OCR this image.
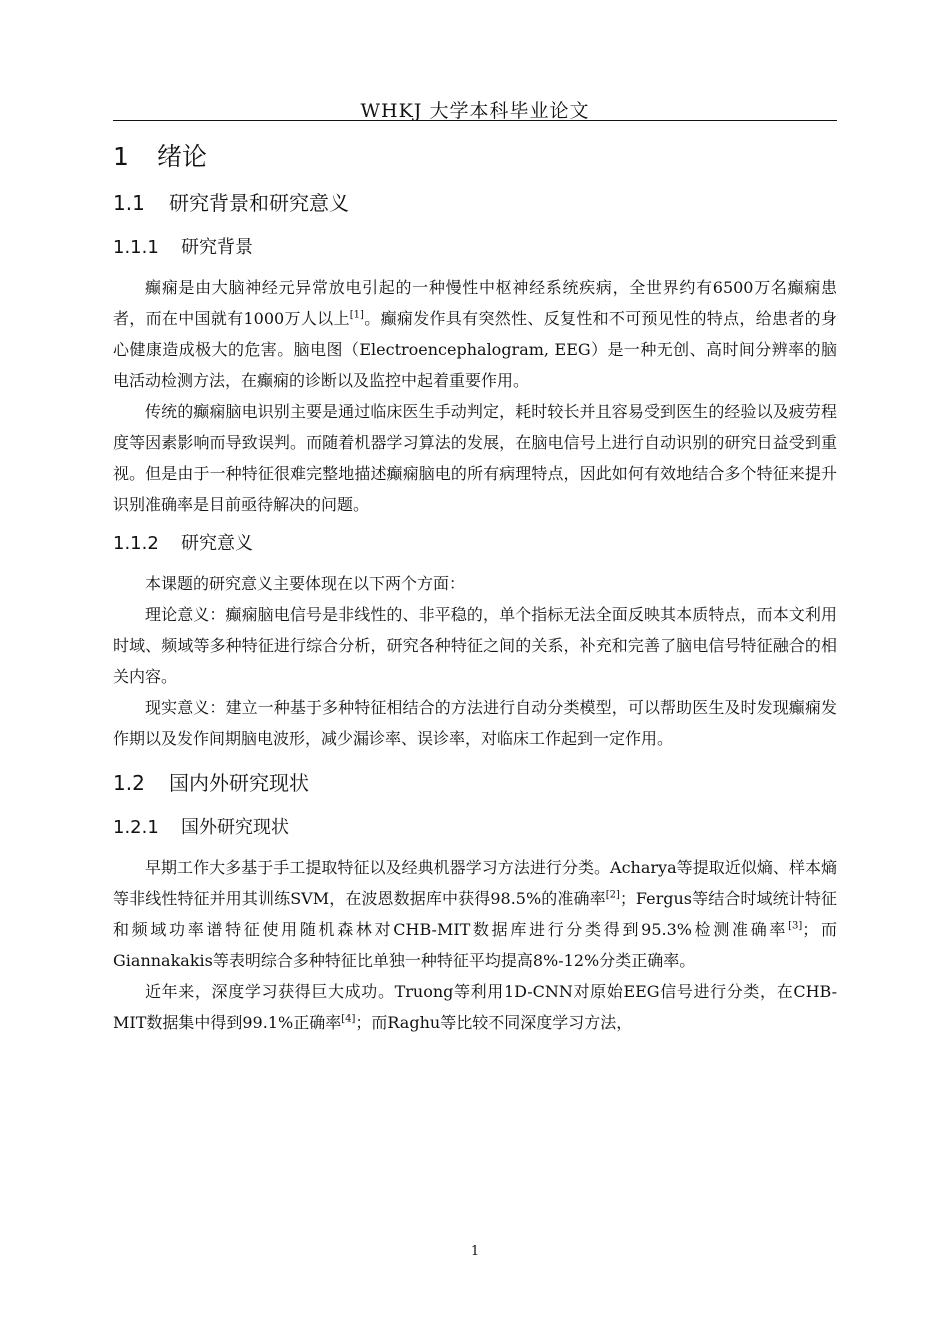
WHKJ 大学本科毕业论文
1 绪论
1.1 研究背景和研究意义
1.1.1 研究背景

癫痫是由大脑神经元异常放电引起的一种慢性中枢神经系统疾病，全世界约有6500万名癫痫患者，而在中国就有1000万人以上[1]。癫痫发作具有突然性、反复性和不可预见性的特点，给患者的身心健康造成极大的危害。脑电图（Electroencephalogram, EEG）是一种无创、高时间分辨率的脑电活动检测方法，在癫痫的诊断以及监控中起着重要作用。

传统的癫痫脑电识别主要是通过临床医生手动判定，耗时较长并且容易受到医生的经验以及疲劳程度等因素影响而导致误判。而随着机器学习算法的发展，在脑电信号上进行自动识别的研究日益受到重视。但是由于一种特征很难完整地描述癫痫脑电的所有病理特点，因此如何有效地结合多个特征来提升识别准确率是目前亟待解决的问题。

1.1.2 研究意义

本课题的研究意义主要体现在以下两个方面：

理论意义：癫痫脑电信号是非线性的、非平稳的，单个指标无法全面反映其本质特点，而本文利用时域、频域等多种特征进行综合分析，研究各种特征之间的关系，补充和完善了脑电信号特征融合的相关内容。

现实意义：建立一种基于多种特征相结合的方法进行自动分类模型，可以帮助医生及时发现癫痫发作期以及发作间期脑电波形，减少漏诊率、误诊率，对临床工作起到一定作用。

1.2 国内外研究现状
1.2.1 国外研究现状

早期工作大多基于手工提取特征以及经典机器学习方法进行分类。Acharya等提取近似熵、样本熵等非线性特征并用其训练SVM，在波恩数据库中获得98.5%的准确率[2]；Fergus等结合时域统计特征和频域功率谱特征使用随机森林对CHB-MIT数据库进行分类得到95.3%检测准确率[3]；而Giannakakis等表明综合多种特征比单独一种特征平均提高8%-12%分类正确率。

近年来，深度学习获得巨大成功。Truong等利用1D-CNN对原始EEG信号进行分类，在CHB-MIT数据集中得到99.1%正确率[4]；而Raghu等比较不同深度学习方法，

1
